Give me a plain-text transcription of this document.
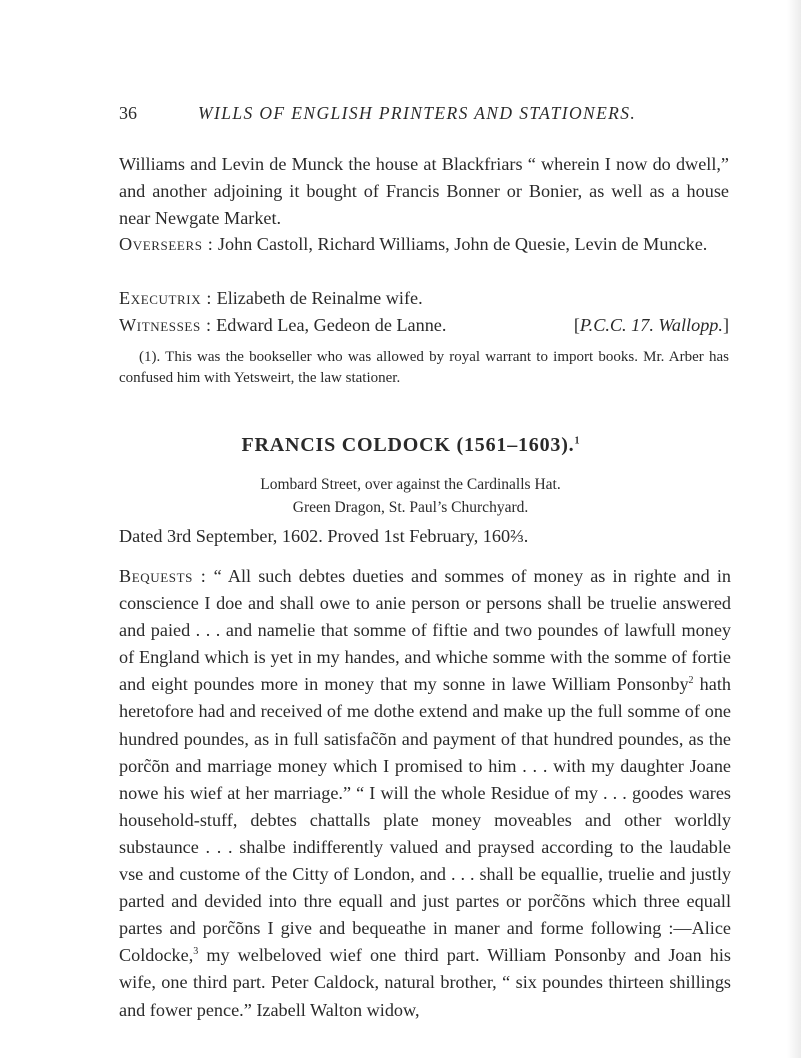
36	WILLS OF ENGLISH PRINTERS AND STATIONERS.

Williams and Levin de Munck the house at Blackfriars “ wherein I now do dwell,” and another adjoining it bought of Francis Bonner or Bonier, as well as a house near Newgate Market.

Overseers : John Castoll, Richard Williams, John de Quesie, Levin de Muncke.

Executrix : Elizabeth de Reinalme wife.

Witnesses : Edward Lea, Gedeon de Lanne.	[P.C.C. 17. Wallopp.]

(1). This was the bookseller who was allowed by royal warrant to import books. Mr. Arber has confused him with Yetsweirt, the law stationer.

FRANCIS COLDOCK (1561–1603).$^1$

Lombard Street, over against the Cardinalls Hat.

Green Dragon, St. Paul’s Churchyard.

Dated 3rd September, 1602. Proved 1st February, 160⅔.

Bequests : “ All such debtes dueties and sommes of money as in righte and in conscience I doe and shall owe to anie person or persons shall be truelie answered and paied . . . and namelie that somme of fiftie and two poundes of lawfull money of England which is yet in my handes, and whiche somme with the somme of fortie and eight poundes more in money that my sonne in lawe William Ponsonby$^2$ hath heretofore had and received of me dothe extend and make up the full somme of one hundred poundes, as in full satisfac̃õn and payment of that hundred poundes, as the porc̃õn and marriage money which I promised to him . . . with my daughter Joane nowe his wief at her marriage.” “ I will the whole Residue of my . . . goodes wares household-stuff, debtes chattalls plate money moveables and other worldly substaunce . . . shalbe indifferently valued and praysed according to the laudable vse and custome of the Citty of London, and . . . shall be equallie, truelie and justly parted and devided into thre equall and just partes or porc̃õns which three equall partes and porc̃õns I give and bequeathe in maner and forme following :—Alice Coldocke,$^3$ my welbeloved wief one third part. William Ponsonby and Joan his wife, one third part. Peter Caldock, natural brother, “ six poundes thirteen shillings and fower pence.” Izabell Walton widow,
